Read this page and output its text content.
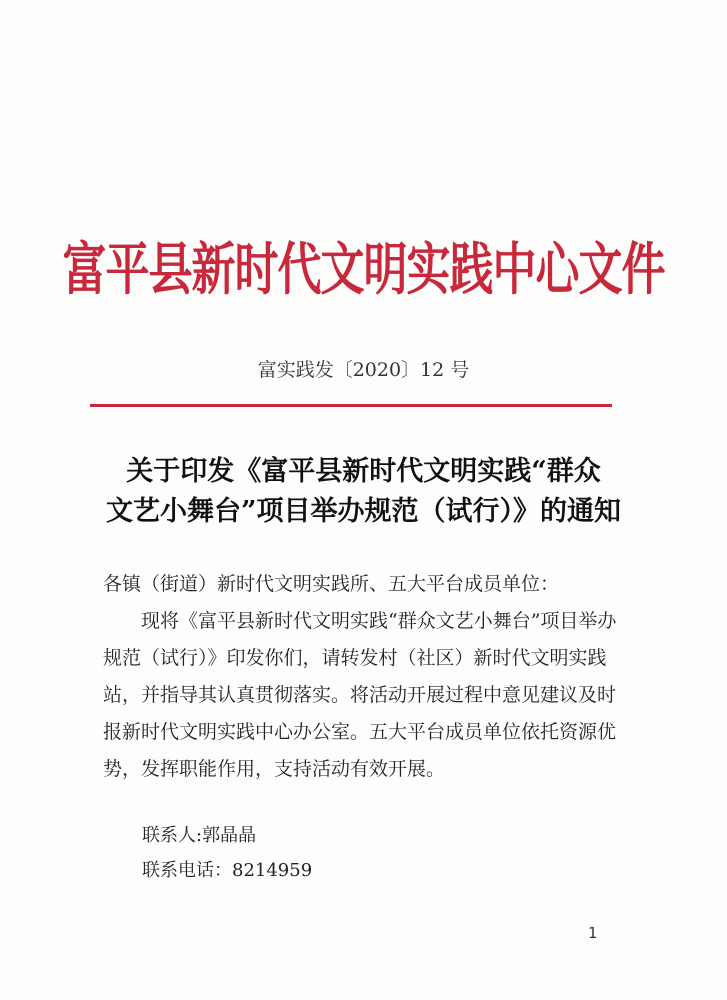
富平县新时代文明实践中心文件
富实践发〔2020〕12 号
关于印发《富平县新时代文明实践“群众
文艺小舞台”项目举办规范（试行）》的通知
各镇（街道）新时代文明实践所、五大平台成员单位：
现将《富平县新时代文明实践“群众文艺小舞台”项目举办
规范（试行）》印发你们，请转发村（社区）新时代文明实践
站，并指导其认真贯彻落实。将活动开展过程中意见建议及时
报新时代文明实践中心办公室。五大平台成员单位依托资源优
势，发挥职能作用，支持活动有效开展。
联系人:郭晶晶
联系电话：8214959
1
